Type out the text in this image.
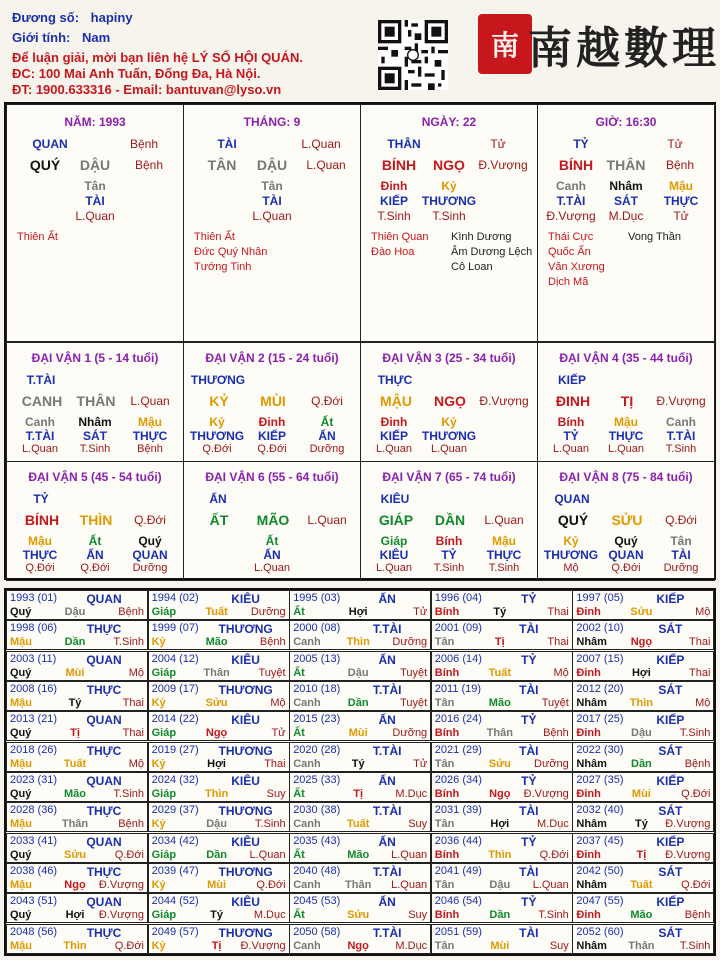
Đương số: hapiny
Giới tính: Nam
Để luận giải, mời bạn liên hệ LÝ SỐ HỘI QUÁN.
ĐC: 100 Mai Anh Tuấn, Đống Đa, Hà Nội.
ĐT: 1900.633316 - Email: bantuvan@lyso.vn
南 南越數理
NĂM: 1993
QUAN	Bệnh
QUÝ	DẬU	Bệnh
Tân
TÀI
L.Quan
Thiên Ất
THÁNG: 9
TÀI	L.Quan
TÂN	DẬU	L.Quan
Tân
TÀI
L.Quan
Thiên Ất
Đức Quý Nhân
Tướng Tinh
NGÀY: 22
THÂN	Tử
BÍNH	NGỌ	Đ.Vượng
Đinh
KIẾP
T.Sinh
Kỷ
THƯƠNG
T.Sinh
Thiên Quan
Đào Hoa
Kình Dương
Âm Dương Lệch
Cô Loan
GIỜ: 16:30
TỶ	Tử
BÍNH THÂN	Bệnh
Canh
T.TÀI
Đ.Vượng
Nhâm
SÁT
M.Dục
Mậu
THỰC
Tử
Thái Cực
Quốc Ấn
Văn Xương
Dịch Mã
Vong Thần
ĐẠI VẬN 1 (5 - 14 tuổi)
T.TÀI
CANH	THÂN	L.Quan
Canh
T.TÀI
L.Quan
Nhâm
SÁT
T.Sinh
Mậu
THỰC
Bệnh
ĐẠI VẬN 2 (15 - 24 tuổi)
THƯƠNG
KỶ	MÙI	Q.Đới
Kỷ
THƯƠNG
Q.Đới
Đinh
KIẾP
Q.Đới
Ất
ẤN
Dưỡng
ĐẠI VẬN 3 (25 - 34 tuổi)
THỰC
MẬU	NGỌ	Đ.Vượng
Đinh
KIẾP
L.Quan
Kỷ
THƯƠNG
L.Quan
ĐẠI VẬN 4 (35 - 44 tuổi)
KIẾP
ĐINH	TỊ	Đ.Vượng
Bính
TỶ
L.Quan
Mậu
THỰC
L.Quan
Canh
T.TÀI
T.Sinh
ĐẠI VẬN 5 (45 - 54 tuổi)
TỶ
BÍNH	THÌN	Q.Đới
Mậu
THỰC
Q.Đới
Ất
ẤN
Q.Đới
Quý
QUAN
Dưỡng
ĐẠI VẬN 6 (55 - 64 tuổi)
ẤN
ẤT	MÃO	L.Quan
Ất
ẤN
L.Quan
ĐẠI VẬN 7 (65 - 74 tuổi)
KIÊU
GIÁP	DẦN	L.Quan
Giáp
KIÊU
L.Quan
Bính
TỶ
T.Sinh
Mậu
THỰC
T.Sinh
ĐẠI VẬN 8 (75 - 84 tuổi)
QUAN
QUÝ	SỬU	Q.Đới
Kỷ
THƯƠNG
Mộ
Quý
QUAN
Q.Đới
Tân
TÀI
Dưỡng
1993 (01)	QUAN
Quý	Dậu	Bệnh
1994 (02)	KIÊU
Giáp	Tuất	Dưỡng
1995 (03)	ẤN
Ất	Hợi	Tử
1996 (04)	TỶ
Bính	Tý	Thai
1997 (05)	KIẾP
Đinh	Sửu	Mộ
1998 (06)	THỰC
Mậu	Dần	T.Sinh
1999 (07)	THƯƠNG
Kỷ	Mão	Bệnh
2000 (08)	T.TÀI
Canh	Thìn	Dưỡng
2001 (09)	TÀI
Tân	Tị	Thai
2002 (10)	SÁT
Nhâm	Ngọ	Thai
2003 (11)	QUAN
Quý	Mùi	Mộ
2004 (12)	KIÊU
Giáp	Thân	Tuyệt
2005 (13)	ẤN
Ất	Dậu	Tuyệt
2006 (14)	TỶ
Bính	Tuất	Mộ
2007 (15)	KIẾP
Đinh	Hợi	Thai
2008 (16)	THỰC
Mậu	Tý	Thai
2009 (17)	THƯƠNG
Kỷ	Sửu	Mộ
2010 (18)	T.TÀI
Canh	Dần	Tuyệt
2011 (19)	TÀI
Tân	Mão	Tuyệt
2012 (20)	SÁT
Nhâm	Thìn	Mộ
2013 (21)	QUAN
Quý	Tị	Thai
2014 (22)	KIÊU
Giáp	Ngọ	Tử
2015 (23)	ẤN
Ất	Mùi	Dưỡng
2016 (24)	TỶ
Bính	Thân	Bệnh
2017 (25)	KIẾP
Đinh	Dậu	T.Sinh
2018 (26)	THỰC
Mậu	Tuất	Mộ
2019 (27)	THƯƠNG
Kỷ	Hợi	Thai
2020 (28)	T.TÀI
Canh	Tý	Tử
2021 (29)	TÀI
Tân	Sửu	Dưỡng
2022 (30)	SÁT
Nhâm	Dần	Bệnh
2023 (31)	QUAN
Quý	Mão	T.Sinh
2024 (32)	KIÊU
Giáp	Thìn	Suy
2025 (33)	ẤN
Ất	Tị	M.Dục
2026 (34)	TỶ
Bính	Ngọ	Đ.Vượng
2027 (35)	KIẾP
Đinh	Mùi	Q.Đới
2028 (36)	THỰC
Mậu	Thân	Bệnh
2029 (37)	THƯƠNG
Kỷ	Dậu	T.Sinh
2030 (38)	T.TÀI
Canh	Tuất	Suy
2031 (39)	TÀI
Tân	Hợi	M.Dục
2032 (40)	SÁT
Nhâm	Tý	Đ.Vượng
2033 (41)	QUAN
Quý	Sửu	Q.Đới
2034 (42)	KIÊU
Giáp	Dần	L.Quan
2035 (43)	ẤN
Ất	Mão	L.Quan
2036 (44)	TỶ
Bính	Thìn	Q.Đới
2037 (45)	KIẾP
Đinh	Tị	Đ.Vượng
2038 (46)	THỰC
Mậu	Ngọ	Đ.Vượng
2039 (47)	THƯƠNG
Kỷ	Mùi	Q.Đới
2040 (48)	T.TÀI
Canh	Thân	L.Quan
2041 (49)	TÀI
Tân	Dậu	L.Quan
2042 (50)	SÁT
Nhâm	Tuất	Q.Đới
2043 (51)	QUAN
Quý	Hợi	Đ.Vượng
2044 (52)	KIÊU
Giáp	Tý	M.Dục
2045 (53)	ẤN
Ất	Sửu	Suy
2046 (54)	TỶ
Bính	Dần	T.Sinh
2047 (55)	KIẾP
Đinh	Mão	Bệnh
2048 (56)	THỰC
Mậu	Thìn	Q.Đới
2049 (57)	THƯƠNG
Kỷ	Tị	Đ.Vượng
2050 (58)	T.TÀI
Canh	Ngọ	M.Dục
2051 (59)	TÀI
Tân	Mùi	Suy
2052 (60)	SÁT
Nhâm	Thân	T.Sinh
